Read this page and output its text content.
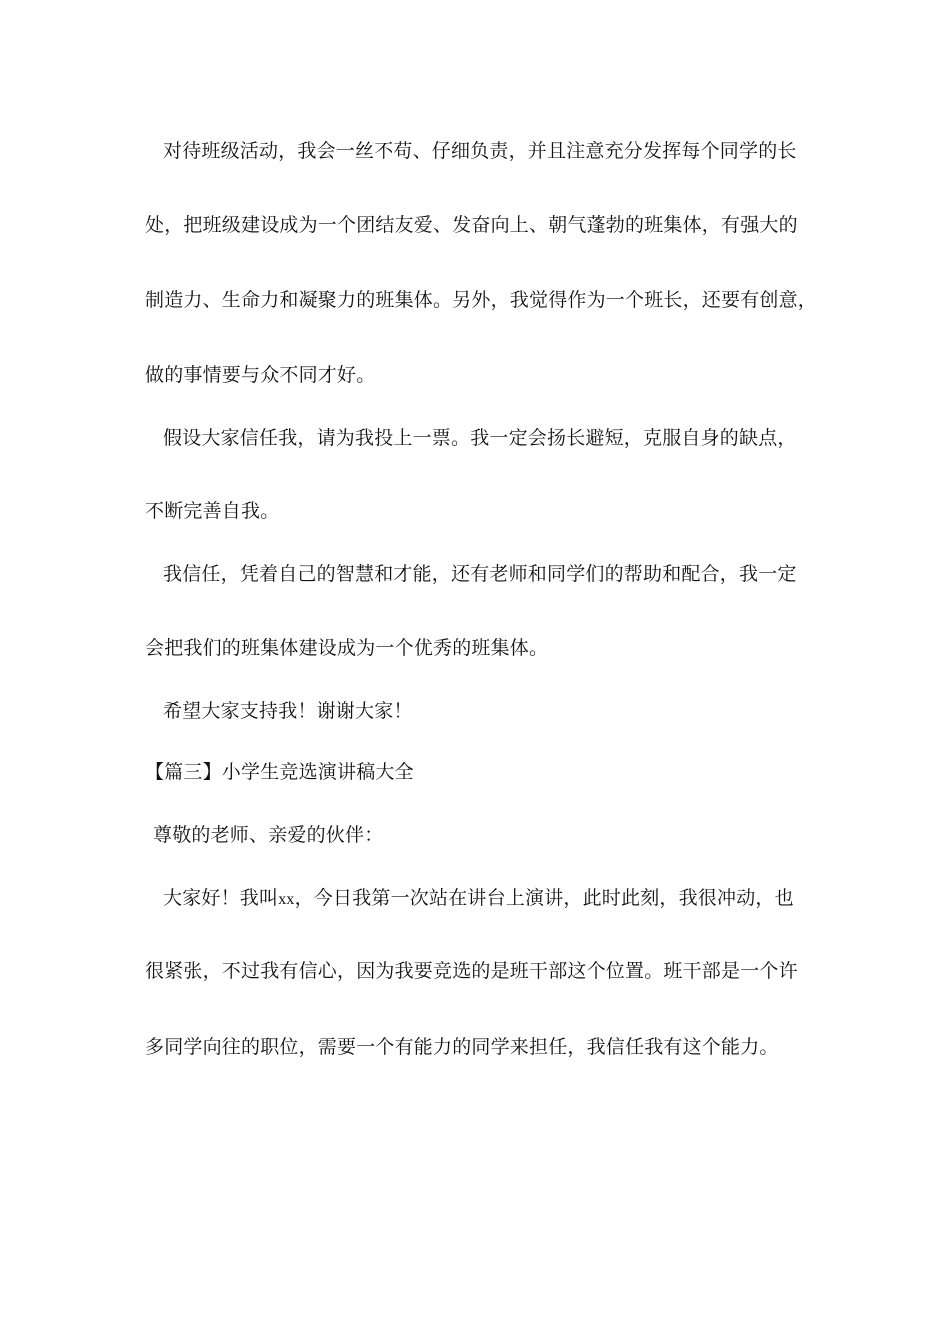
对待班级活动，我会一丝不苟、仔细负责，并且注意充分发挥每个同学的长
处，把班级建设成为一个团结友爱、发奋向上、朝气蓬勃的班集体，有强大的
制造力、生命力和凝聚力的班集体。另外，我觉得作为一个班长，还要有创意，
做的事情要与众不同才好。
假设大家信任我，请为我投上一票。我一定会扬长避短，克服自身的缺点，
不断完善自我。
我信任，凭着自己的智慧和才能，还有老师和同学们的帮助和配合，我一定
会把我们的班集体建设成为一个优秀的班集体。
希望大家支持我！谢谢大家！
【篇三】小学生竞选演讲稿大全
尊敬的老师、亲爱的伙伴：
大家好！我叫xx，今日我第一次站在讲台上演讲，此时此刻，我很冲动，也
很紧张，不过我有信心，因为我要竞选的是班干部这个位置。班干部是一个许
多同学向往的职位，需要一个有能力的同学来担任，我信任我有这个能力。
